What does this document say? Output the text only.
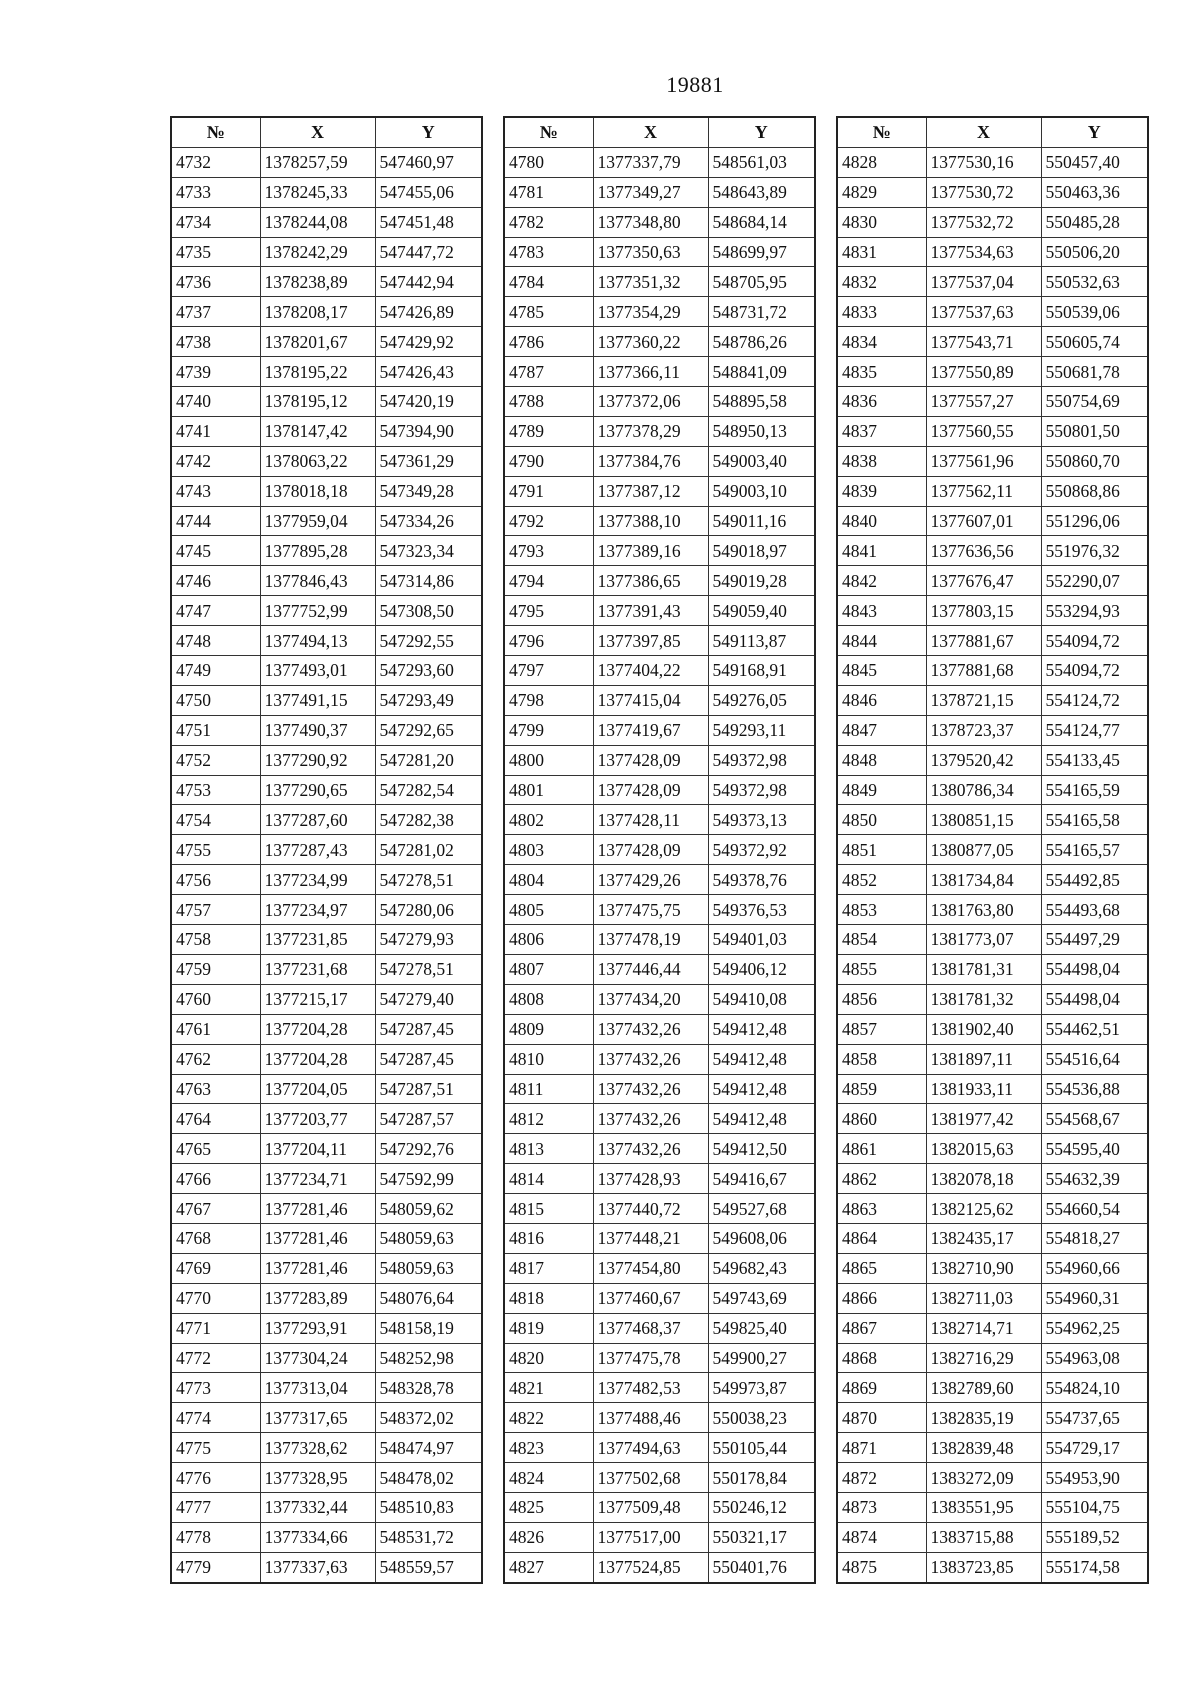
19881
№	X	Y
4732	1378257,59	547460,97
4733	1378245,33	547455,06
4734	1378244,08	547451,48
4735	1378242,29	547447,72
4736	1378238,89	547442,94
4737	1378208,17	547426,89
4738	1378201,67	547429,92
4739	1378195,22	547426,43
4740	1378195,12	547420,19
4741	1378147,42	547394,90
4742	1378063,22	547361,29
4743	1378018,18	547349,28
4744	1377959,04	547334,26
4745	1377895,28	547323,34
4746	1377846,43	547314,86
4747	1377752,99	547308,50
4748	1377494,13	547292,55
4749	1377493,01	547293,60
4750	1377491,15	547293,49
4751	1377490,37	547292,65
4752	1377290,92	547281,20
4753	1377290,65	547282,54
4754	1377287,60	547282,38
4755	1377287,43	547281,02
4756	1377234,99	547278,51
4757	1377234,97	547280,06
4758	1377231,85	547279,93
4759	1377231,68	547278,51
4760	1377215,17	547279,40
4761	1377204,28	547287,45
4762	1377204,28	547287,45
4763	1377204,05	547287,51
4764	1377203,77	547287,57
4765	1377204,11	547292,76
4766	1377234,71	547592,99
4767	1377281,46	548059,62
4768	1377281,46	548059,63
4769	1377281,46	548059,63
4770	1377283,89	548076,64
4771	1377293,91	548158,19
4772	1377304,24	548252,98
4773	1377313,04	548328,78
4774	1377317,65	548372,02
4775	1377328,62	548474,97
4776	1377328,95	548478,02
4777	1377332,44	548510,83
4778	1377334,66	548531,72
4779	1377337,63	548559,57
№	X	Y
4780	1377337,79	548561,03
4781	1377349,27	548643,89
4782	1377348,80	548684,14
4783	1377350,63	548699,97
4784	1377351,32	548705,95
4785	1377354,29	548731,72
4786	1377360,22	548786,26
4787	1377366,11	548841,09
4788	1377372,06	548895,58
4789	1377378,29	548950,13
4790	1377384,76	549003,40
4791	1377387,12	549003,10
4792	1377388,10	549011,16
4793	1377389,16	549018,97
4794	1377386,65	549019,28
4795	1377391,43	549059,40
4796	1377397,85	549113,87
4797	1377404,22	549168,91
4798	1377415,04	549276,05
4799	1377419,67	549293,11
4800	1377428,09	549372,98
4801	1377428,09	549372,98
4802	1377428,11	549373,13
4803	1377428,09	549372,92
4804	1377429,26	549378,76
4805	1377475,75	549376,53
4806	1377478,19	549401,03
4807	1377446,44	549406,12
4808	1377434,20	549410,08
4809	1377432,26	549412,48
4810	1377432,26	549412,48
4811	1377432,26	549412,48
4812	1377432,26	549412,48
4813	1377432,26	549412,50
4814	1377428,93	549416,67
4815	1377440,72	549527,68
4816	1377448,21	549608,06
4817	1377454,80	549682,43
4818	1377460,67	549743,69
4819	1377468,37	549825,40
4820	1377475,78	549900,27
4821	1377482,53	549973,87
4822	1377488,46	550038,23
4823	1377494,63	550105,44
4824	1377502,68	550178,84
4825	1377509,48	550246,12
4826	1377517,00	550321,17
4827	1377524,85	550401,76
№	X	Y
4828	1377530,16	550457,40
4829	1377530,72	550463,36
4830	1377532,72	550485,28
4831	1377534,63	550506,20
4832	1377537,04	550532,63
4833	1377537,63	550539,06
4834	1377543,71	550605,74
4835	1377550,89	550681,78
4836	1377557,27	550754,69
4837	1377560,55	550801,50
4838	1377561,96	550860,70
4839	1377562,11	550868,86
4840	1377607,01	551296,06
4841	1377636,56	551976,32
4842	1377676,47	552290,07
4843	1377803,15	553294,93
4844	1377881,67	554094,72
4845	1377881,68	554094,72
4846	1378721,15	554124,72
4847	1378723,37	554124,77
4848	1379520,42	554133,45
4849	1380786,34	554165,59
4850	1380851,15	554165,58
4851	1380877,05	554165,57
4852	1381734,84	554492,85
4853	1381763,80	554493,68
4854	1381773,07	554497,29
4855	1381781,31	554498,04
4856	1381781,32	554498,04
4857	1381902,40	554462,51
4858	1381897,11	554516,64
4859	1381933,11	554536,88
4860	1381977,42	554568,67
4861	1382015,63	554595,40
4862	1382078,18	554632,39
4863	1382125,62	554660,54
4864	1382435,17	554818,27
4865	1382710,90	554960,66
4866	1382711,03	554960,31
4867	1382714,71	554962,25
4868	1382716,29	554963,08
4869	1382789,60	554824,10
4870	1382835,19	554737,65
4871	1382839,48	554729,17
4872	1383272,09	554953,90
4873	1383551,95	555104,75
4874	1383715,88	555189,52
4875	1383723,85	555174,58
